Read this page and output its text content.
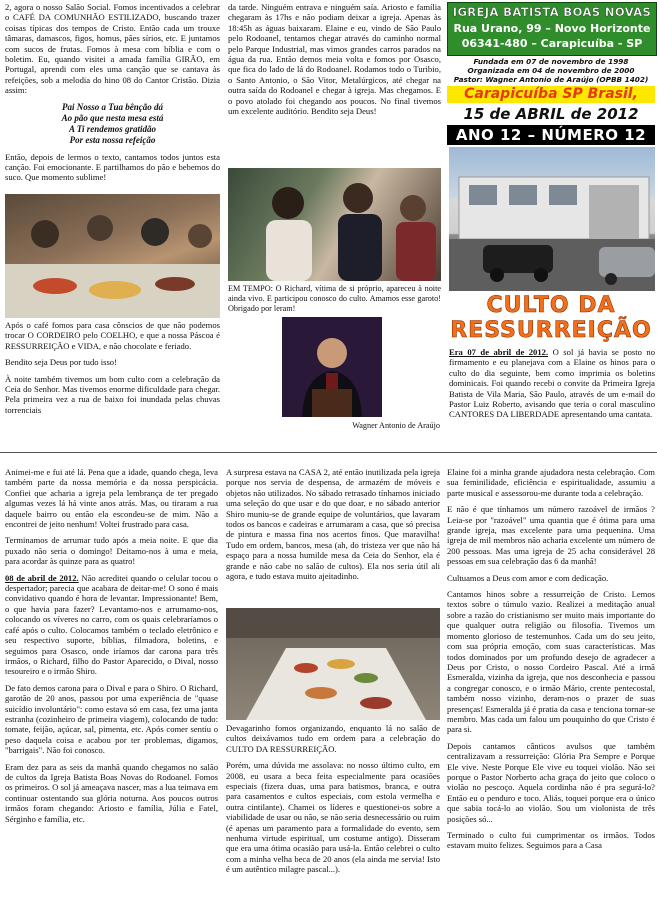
IGREJA BATISTA BOAS NOVAS
Rua Urano, 99 – Novo Horizonte
06341-480 – Carapicuíba - SP
Fundada em 07 de novembro de 1998
Organizada em 04 de novembro de 2000
Pastor: Wagner Antonio de Araújo (OPBB 1402)
Carapicuíba SP Brasil,
15 de ABRIL de 2012
ANO 12 – NÚMERO 12
CULTO DA
RESSURREIÇÃO

2, agora o nosso Salão Social. Fomos incentivados a celebrar o CAFÉ DA COMUNHÃO ESTILIZADO, buscando trazer coisas típicas dos tempos de Cristo. Então cada um trouxe tâmaras, damascos, figos, homus, pães sírios, etc. E juntamos com sucos de frutas. Fomos à mesa com bíblia e com o boletim. Eu, quando visitei a amada família GIRÃO, em Portugal, aprendi com eles uma canção que se cantava às refeições, sob a melodia do hino 08 do Cantor Cristão. Dizia assim:

Pai Nosso a Tua bênção dá
Ao pão que nesta mesa está
A Ti rendemos gratidão
Por esta nossa refeição

Então, depois de lermos o texto, cantamos todos juntos esta canção. Foi emocionante. E partilhamos do pão e bebemos do suco. Que momento sublime!

Após o café fomos para casa cônscios de que não podemos trocar O CORDEIRO pelo COELHO, e que a nossa Páscoa é RESSURREIÇÃO e VIDA, e não chocolate e feriado.

Bendito seja Deus por tudo isso!

À noite também tivemos um bom culto com a celebração da Ceia do Senhor. Mas tivemos enorme dificuldade para chegar. Pela primeira vez a rua de baixo foi inundada pelas chuvas torrenciais

da tarde. Ninguém entrava e ninguém saía. Ariosto e família chegaram às 17hs e não podiam deixar a igreja. Apenas às 18:45h as águas baixaram. Elaine e eu, vindo de São Paulo pelo Rodoanel, tentamos chegar através do caminho normal pelo Parque Industrial, mas vimos grandes carros parados na água da rua. Então demos meia volta e fomos por Osasco, que fica do lado de lá do Rodoanel. Rodamos todo o Turibio, o Santo Antonio, o São Vitor, Metalúrgicos, até chegar na outra saída do Rodoanel e chegar à igreja. Mas chegamos. E o povo atolado foi chegando aos poucos. No final tivemos um excelente auditório. Bendito seja Deus!

EM TEMPO: O Richard, vítima de si próprio, apareceu à noite ainda vivo. E participou conosco do culto. Amamos esse garoto! Obrigado por leram!
Wagner Antonio de Araújo

Era 07 de abril de 2012. O sol já havia se posto no firmamento e eu planejava com a Elaine os hinos para o culto do dia seguinte, bem como imprimia os boletins dominicais. Foi quando recebi o convite da Primeira Igreja Batista de Vila Maria, São Paulo, através de um e-mail do Pastor Luiz Roberto, avisando que teria o coral masculino CANTORES DA LIBERDADE apresentando uma cantata.

Animei-me e fui até lá. Pena que a idade, quando chega, leva também parte da nossa memória e da nossa perspicácia. Confiei que acharia a igreja pela lembrança de ter pregado algumas vezes lá há vinte anos atrás. Mas, ou tiraram a rua daquele bairro ou então ela escondeu-se de mim. Não a encontrei de jeito nenhum! Voltei frustrado para casa.

Terminamos de arrumar tudo após a meia noite. E que dia puxado não seria o domingo! Deitamo-nos à uma e meia, para acordar às quinze para as quatro!

08 de abril de 2012. Não acreditei quando o celular tocou o despertador; parecia que acabara de deitar-me! O sono é mais convidativo quando é hora de levantar. Impressionante! Bem, o que havia para fazer? Levantamo-nos e arrumamo-nos, colocando os víveres no carro, com os quais celebraríamos o café após o culto. Colocamos também o teclado eletrônico e seu respectivo suporte, bíblias, filmadora, boletins, e seguimos para Osasco, onde iríamos dar carona para três irmãos, o Richard, filho do Pastor Aparecido, o Dival, nosso tesoureiro e o irmão Shiro.

De fato demos carona para o Dival e para o Shiro. O Richard, garotão de 20 anos, passou por uma experiência de "quase suicídio involuntário": como estava só em casa, fez uma janta estranha (cozinheiro de primeira viagem), colocando de tudo: tomate, feijão, açúcar, sal, pimenta, etc. Após comer sentiu o peso daquela coisa e acabou por ter problemas, digamos, "barrigais". Não foi conosco.

Eram dez para as seis da manhã quando chegamos no salão de cultos da Igreja Batista Boas Novas do Rodoanel. Fomos os primeiros. O sol já ameaçava nascer, mas a lua teimava em continuar ostentando sua glória noturna. Aos poucos outros irmãos foram chegando: Ariosto e família, Júlia e Fatel, Sérginho e família, etc.

A surpresa estava na CASA 2, até então inutilizada pela igreja porque nos servia de despensa, de armazém de móveis e objetos não utilizados. No sábado retrasado tínhamos iniciado uma seleção do que usar e do que doar, e no sábado anterior Shiro muniu-se de grande equipe de voluntários, que lavaram todos os bancos e cadeiras e arrumaram a casa, que só precisa de pintura e massa fina nos acertos finos. Que maravilha! Tudo em ordem, bancos, mesa (ah, do tristeza ver que não há espaço para a nossa humilde mesa da Ceia do Senhor, ela é grande e não cabe no salão de cultos). Ela nos seria útil ali agora, e tudo estava muito ajeitadinho.

Devagarinho fomos organizando, enquanto lá no salão de cultos deixávamos tudo em ordem para a celebração do CULTO DA RESSURREIÇÃO.

Porém, uma dúvida me assolava: no nosso último culto, em 2008, eu usara a beca feita especialmente para ocasiões especiais (fizera duas, uma para batismos, branca, e outra para casamentos e cultos especiais, com estola vermelha e outra cintilante). Chamei os líderes e questionei-os sobre a viabilidade de usar ou não, se não seria desnecessário ou ruim (é apenas um paramento para a formalidade do evento, sem nenhuma virtude espiritual, um costume antigo). Disseram que era uma ótima ocasião para usá-la. Então celebrei o culto com a minha velha beca de 20 anos (ela ainda me servia! Isto é um autêntico milagre pascal...).

Elaine foi a minha grande ajudadora nesta celebração. Com sua feminilidade, eficiência e espiritualidade, assumiu a parte musical e assessorou-me durante toda a celebração.

E não é que tínhamos um número razoável de irmãos ? Leia-se por "razoável" uma quantia que é ótima para uma grande igreja, mas excelente para uma pequenina. Uma igreja de mil membros não acharia excelente um número de 200 pessoas. Mas uma igreja de 25 acha considerável 28 pessoas em sua celebração das 6 da manhã!

Cultuamos a Deus com amor e com dedicação.

Cantamos hinos sobre a ressurreição de Cristo. Lemos textos sobre o túmulo vazio. Realizei a meditação anual sobre a razão do cristianismo ser muito mais importante do que qualquer outra religião ou filosofia. Tivemos um momento glorioso de testemunhos. Cada um do seu jeito, com sua própria emoção, com suas características. Mas todos dominados por um profundo desejo de agradecer a Deus por Cristo, o nosso Cordeiro Pascal. Até a irmã Esmeralda, vizinha da igreja, que nos desconhecia e passou a congregar conosco, e o irmão Mário, crente pentecostal, também nosso vizinho, deram-nos o prazer de suas presenças! Esmeralda já é pratia da casa e tenciona tornar-se membro. Mas cada um falou um pouquinho do que Cristo é para si.

Depois cantamos cânticos avulsos que também centralizavam a ressurreição: Glória Pra Sempre e Porque Ele vive. Neste Porque Ele vive eu toquei violão. Não sei porque o Pastor Norberto acha graça do jeito que coloco o violão no pescoço. Aquela cordinha não é pra segurá-lo? Então eu o penduro e toco. Aliás, toquei porque era o único que sabia tocá-lo ao violão. Sou um violonista de três posições só...

Terminado o culto fui cumprimentar os irmãos. Todos estavam muito felizes. Seguimos para a Casa
